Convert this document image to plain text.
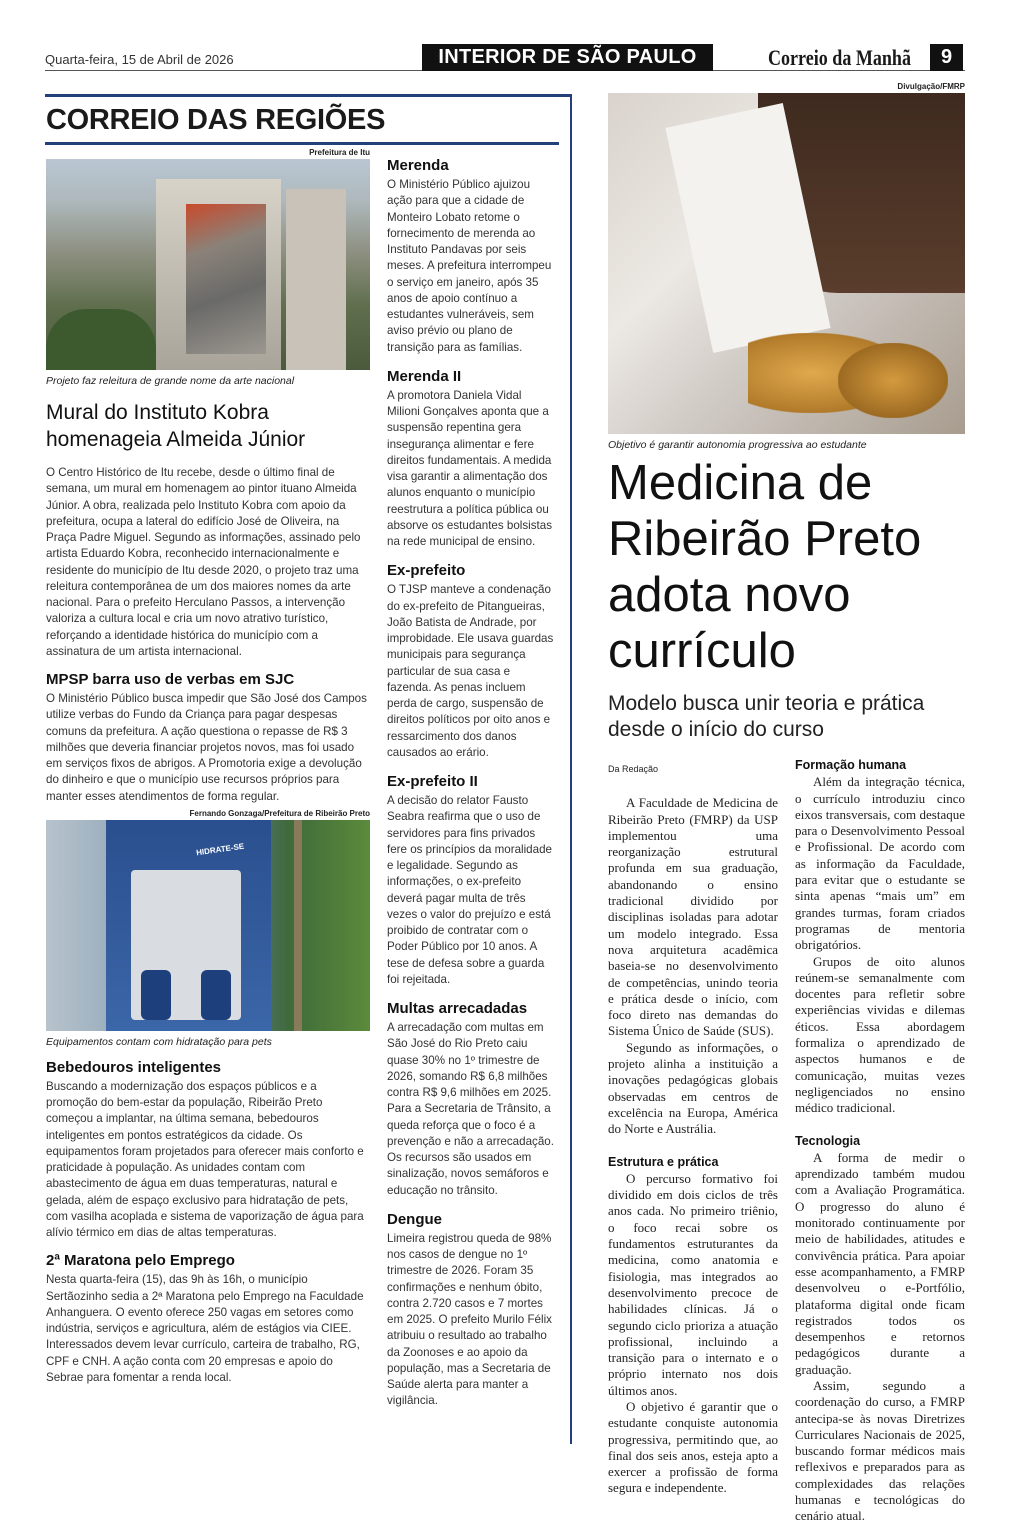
Quarta-feira, 15 de Abril de 2026	INTERIOR DE SÃO PAULO	Correio da Manhã	9
CORREIO DAS REGIÕES
Prefeitura de Itu
Projeto faz releitura de grande nome da arte nacional
Mural do Instituto Kobra homenageia Almeida Júnior
O Centro Histórico de Itu recebe, desde o último final de semana, um mural em homenagem ao pintor ituano Almeida Júnior. A obra, realizada pelo Instituto Kobra com apoio da prefeitura, ocupa a lateral do edifício José de Oliveira, na Praça Padre Miguel. Segundo as informações, assinado pelo artista Eduardo Kobra, reconhecido internacionalmente e residente do município de Itu desde 2020, o projeto traz uma releitura contemporânea de um dos maiores nomes da arte nacional. Para o prefeito Herculano Passos, a intervenção valoriza a cultura local e cria um novo atrativo turístico, reforçando a identidade histórica do município com a assinatura de um artista internacional.
MPSP barra uso de verbas em SJC
O Ministério Público busca impedir que São José dos Campos utilize verbas do Fundo da Criança para pagar despesas comuns da prefeitura. A ação questiona o repasse de R$ 3 milhões que deveria financiar projetos novos, mas foi usado em serviços fixos de abrigos. A Promotoria exige a devolução do dinheiro e que o município use recursos próprios para manter esses atendimentos de forma regular.
Fernando Gonzaga/Prefeitura de Ribeirão Preto
HIDRATE-SE
Equipamentos contam com hidratação para pets
Bebedouros inteligentes
Buscando a modernização dos espaços públicos e a promoção do bem-estar da população, Ribeirão Preto começou a implantar, na última semana, bebedouros inteligentes em pontos estratégicos da cidade. Os equipamentos foram projetados para oferecer mais conforto e praticidade à população. As unidades contam com abastecimento de água em duas temperaturas, natural e gelada, além de espaço exclusivo para hidratação de pets, com vasilha acoplada e sistema de vaporização de água para alívio térmico em dias de altas temperaturas.
2ª Maratona pelo Emprego
Nesta quarta-feira (15), das 9h às 16h, o município Sertãozinho sedia a 2ª Maratona pelo Emprego na Faculdade Anhanguera. O evento oferece 250 vagas em setores como indústria, serviços e agricultura, além de estágios via CIEE. Interessados devem levar currículo, carteira de trabalho, RG, CPF e CNH. A ação conta com 20 empresas e apoio do Sebrae para fomentar a renda local.
Merenda

O Ministério Público ajuizou ação para que a cidade de Monteiro Lobato retome o fornecimento de merenda ao Instituto Pandavas por seis meses. A prefeitura interrompeu o serviço em janeiro, após 35 anos de apoio contínuo a estudantes vulneráveis, sem aviso prévio ou plano de transição para as famílias.

Merenda II

A promotora Daniela Vidal Milioni Gonçalves aponta que a suspensão repentina gera insegurança alimentar e fere direitos fundamentais. A medida visa garantir a alimentação dos alunos enquanto o município reestrutura a política pública ou absorve os estudantes bolsistas na rede municipal de ensino.

Ex-prefeito

O TJSP manteve a condenação do ex-prefeito de Pitangueiras, João Batista de Andrade, por improbidade. Ele usava guardas municipais para segurança particular de sua casa e fazenda. As penas incluem perda de cargo, suspensão de direitos políticos por oito anos e ressarcimento dos danos causados ao erário.

Ex-prefeito II

A decisão do relator Fausto Seabra reafirma que o uso de servidores para fins privados fere os princípios da moralidade e legalidade. Segundo as informações, o ex-prefeito deverá pagar multa de três vezes o valor do prejuízo e está proibido de contratar com o Poder Público por 10 anos. A tese de defesa sobre a guarda foi rejeitada.

Multas arrecadadas

A arrecadação com multas em São José do Rio Preto caiu quase 30% no 1º trimestre de 2026, somando R$ 6,8 milhões contra R$ 9,6 milhões em 2025. Para a Secretaria de Trânsito, a queda reforça que o foco é a prevenção e não a arrecadação. Os recursos são usados em sinalização, novos semáforos e educação no trânsito.

Dengue

Limeira registrou queda de 98% nos casos de dengue no 1º trimestre de 2026. Foram 35 confirmações e nenhum óbito, contra 2.720 casos e 7 mortes em 2025. O prefeito Murilo Félix atribuiu o resultado ao trabalho da Zoonoses e ao apoio da população, mas a Secretaria de Saúde alerta para manter a vigilância.

Divulgação/FMRP
Objetivo é garantir autonomia progressiva ao estudante
Medicina de Ribeirão Preto adota novo currículo
Modelo busca unir teoria e prática desde o início do curso
Da Redação

A Faculdade de Medicina de Ribeirão Preto (FMRP) da USP implementou uma reorganização estrutural profunda em sua graduação, abandonando o ensino tradicional dividido por disciplinas isoladas para adotar um modelo integrado. Essa nova arquitetura acadêmica baseia-se no desenvolvimento de competências, unindo teoria e prática desde o início, com foco direto nas demandas do Sistema Único de Saúde (SUS).

Segundo as informações, o projeto alinha a instituição a inovações pedagógicas globais observadas em centros de excelência na Europa, América do Norte e Austrália.

Estrutura e prática

O percurso formativo foi dividido em dois ciclos de três anos cada. No primeiro triênio, o foco recai sobre os fundamentos estruturantes da medicina, como anatomia e fisiologia, mas integrados ao desenvolvimento precoce de habilidades clínicas. Já o segundo ciclo prioriza a atuação profissional, incluindo a transição para o internato e o próprio internato nos dois últimos anos.

O objetivo é garantir que o estudante conquiste autonomia progressiva, permitindo que, ao final dos seis anos, esteja apto a exercer a profissão de forma segura e independente.

Formação humana

Além da integração técnica, o currículo introduziu cinco eixos transversais, com destaque para o Desenvolvimento Pessoal e Profissional. De acordo com as informação da Faculdade, para evitar que o estudante se sinta apenas “mais um” em grandes turmas, foram criados programas de mentoria obrigatórios.

Grupos de oito alunos reúnem-se semanalmente com docentes para refletir sobre experiências vividas e dilemas éticos. Essa abordagem formaliza o aprendizado de aspectos humanos e de comunicação, muitas vezes negligenciados no ensino médico tradicional.

Tecnologia

A forma de medir o aprendizado também mudou com a Avaliação Programática. O progresso do aluno é monitorado continuamente por meio de habilidades, atitudes e convivência prática. Para apoiar esse acompanhamento, a FMRP desenvolveu o e-Portfólio, plataforma digital onde ficam registrados todos os desempenhos e retornos pedagógicos durante a graduação.

Assim, segundo a coordenação do curso, a FMRP antecipa-se às novas Diretrizes Curriculares Nacionais de 2025, buscando formar médicos mais reflexivos e preparados para as complexidades das relações humanas e tecnológicas do cenário atual.
